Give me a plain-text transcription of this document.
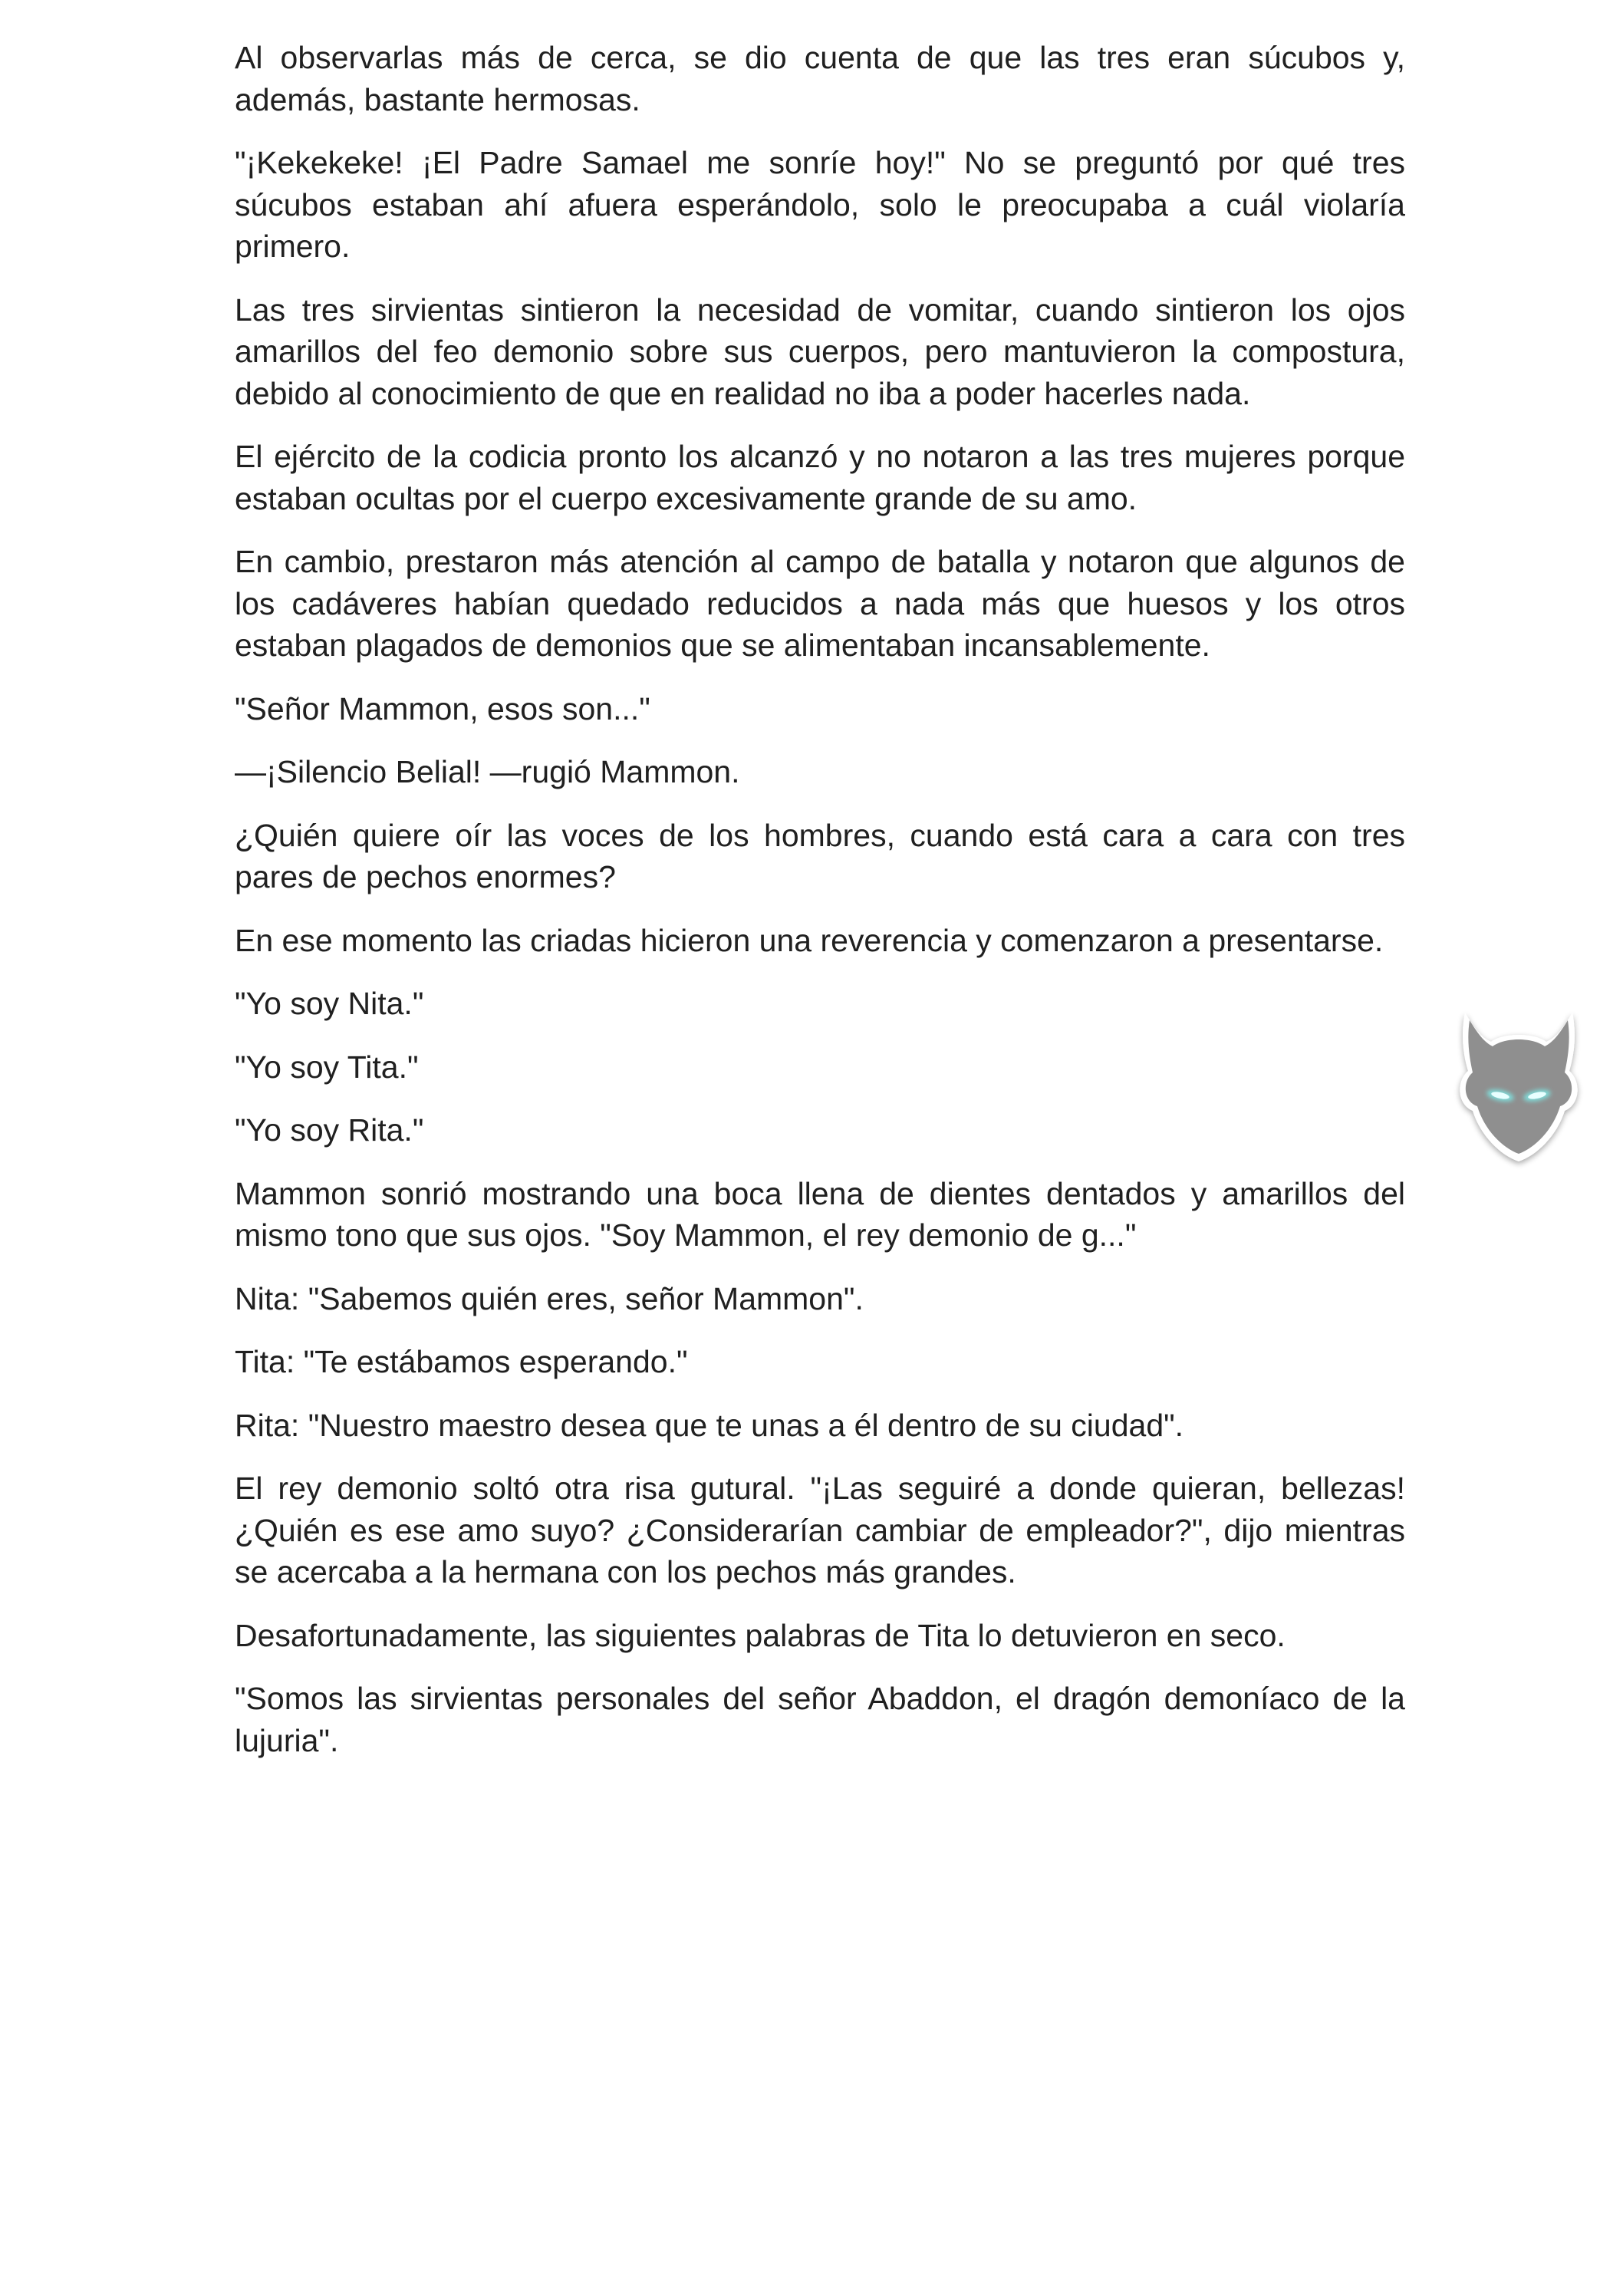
Al observarlas más de cerca, se dio cuenta de que las tres eran súcubos y, además, bastante hermosas.

"¡Kekekeke! ¡El Padre Samael me sonríe hoy!" No se preguntó por qué tres súcubos estaban ahí afuera esperándolo, solo le preocupaba a cuál violaría primero.

Las tres sirvientas sintieron la necesidad de vomitar, cuando sintieron los ojos amarillos del feo demonio sobre sus cuerpos, pero mantuvieron la compostura, debido al conocimiento de que en realidad no iba a poder hacerles nada.

El ejército de la codicia pronto los alcanzó y no notaron a las tres mujeres porque estaban ocultas por el cuerpo excesivamente grande de su amo.

En cambio, prestaron más atención al campo de batalla y notaron que algunos de los cadáveres habían quedado reducidos a nada más que huesos y los otros estaban plagados de demonios que se alimentaban incansablemente.

"Señor Mammon, esos son..."

—¡Silencio Belial! —rugió Mammon.

¿Quién quiere oír las voces de los hombres, cuando está cara a cara con tres pares de pechos enormes?

En ese momento las criadas hicieron una reverencia y comenzaron a presentarse.

"Yo soy Nita."

"Yo soy Tita."

"Yo soy Rita."

Mammon sonrió mostrando una boca llena de dientes dentados y amarillos del mismo tono que sus ojos. "Soy Mammon, el rey demonio de g..."

Nita: "Sabemos quién eres, señor Mammon".

Tita: "Te estábamos esperando."

Rita: "Nuestro maestro desea que te unas a él dentro de su ciudad".

El rey demonio soltó otra risa gutural. "¡Las seguiré a donde quieran, bellezas! ¿Quién es ese amo suyo? ¿Considerarían cambiar de empleador?", dijo mientras se acercaba a la hermana con los pechos más grandes.

Desafortunadamente, las siguientes palabras de Tita lo detuvieron en seco.

"Somos las sirvientas personales del señor Abaddon, el dragón demoníaco de la lujuria".
